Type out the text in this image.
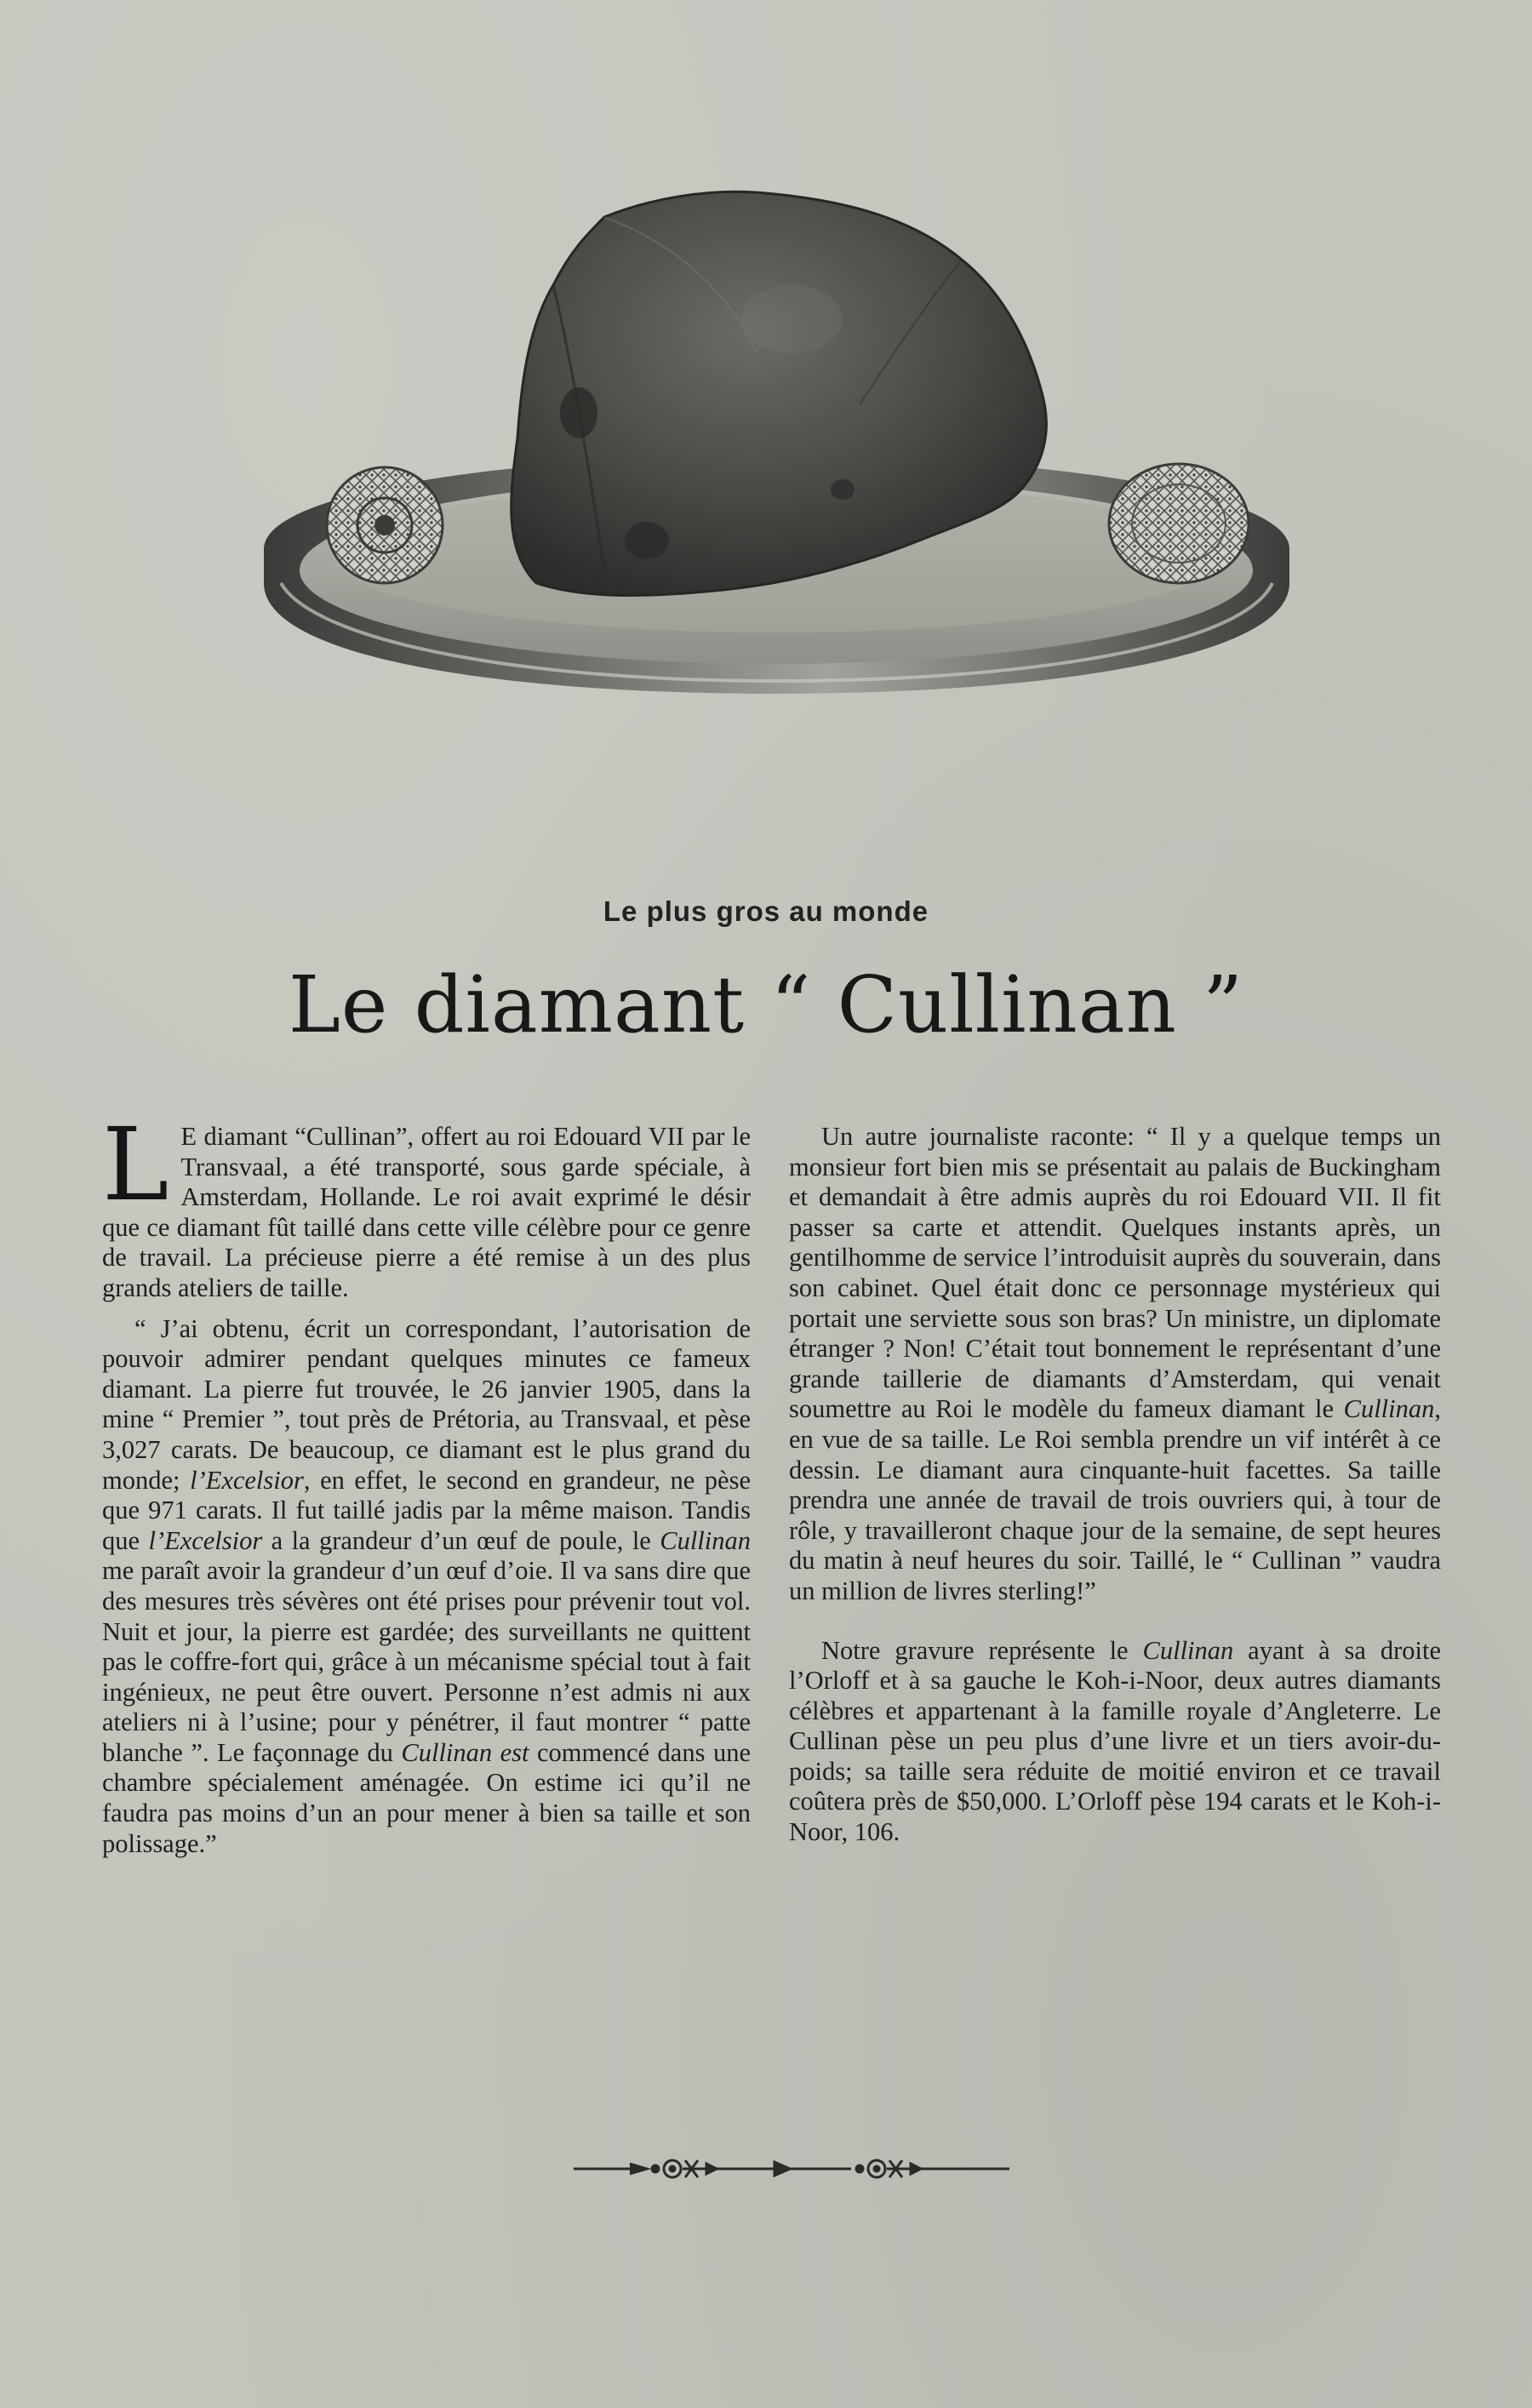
Le plus gros au monde
Le diamant “ Cullinan ”

L E diamant “Cullinan”, offert au roi Edouard VII par le Transvaal, a été transporté, sous garde spéciale, à Amsterdam, Hollande. Le roi avait exprimé le désir que ce diamant fût taillé dans cette ville célèbre pour ce genre de travail. La précieuse pierre a été remise à un des plus grands ateliers de taille.

“ J’ai obtenu, écrit un correspondant, l’autorisation de pouvoir admirer pendant quelques minutes ce fameux diamant. La pierre fut trouvée, le 26 janvier 1905, dans la mine “ Premier ”, tout près de Prétoria, au Transvaal, et pèse 3,027 carats. De beaucoup, ce diamant est le plus grand du monde; l’Excelsior, en effet, le second en grandeur, ne pèse que 971 carats. Il fut taillé jadis par la même maison. Tandis que l’Excelsior a la grandeur d’un œuf de poule, le Cullinan me paraît avoir la grandeur d’un œuf d’oie. Il va sans dire que des mesures très sévères ont été prises pour prévenir tout vol. Nuit et jour, la pierre est gardée; des surveillants ne quittent pas le coffre-fort qui, grâce à un mécanisme spécial tout à fait ingénieux, ne peut être ouvert. Personne n’est admis ni aux ateliers ni à l’usine; pour y pénétrer, il faut montrer “ patte blanche ”. Le façonnage du Cullinan est commencé dans une chambre spécialement aménagée. On estime ici qu’il ne faudra pas moins d’un an pour mener à bien sa taille et son polissage.”

Un autre journaliste raconte: “ Il y a quelque temps un monsieur fort bien mis se présentait au palais de Buckingham et demandait à être admis auprès du roi Edouard VII. Il fit passer sa carte et attendit. Quelques instants après, un gentilhomme de service l’introduisit auprès du souverain, dans son cabinet. Quel était donc ce personnage mystérieux qui portait une serviette sous son bras? Un ministre, un diplomate étranger ? Non! C’était tout bonnement le représentant d’une grande taillerie de diamants d’Amsterdam, qui venait soumettre au Roi le modèle du fameux diamant le Cullinan, en vue de sa taille. Le Roi sembla prendre un vif intérêt à ce dessin. Le diamant aura cinquante-huit facettes. Sa taille prendra une année de travail de trois ouvriers qui, à tour de rôle, y travailleront chaque jour de la semaine, de sept heures du matin à neuf heures du soir. Taillé, le “ Cullinan ” vaudra un million de livres sterling!”

Notre gravure représente le Cullinan ayant à sa droite l’Orloff et à sa gauche le Koh-i-Noor, deux autres diamants célèbres et appartenant à la famille royale d’Angleterre. Le Cullinan pèse un peu plus d’une livre et un tiers avoir-du-poids; sa taille sera réduite de moitié environ et ce travail coûtera près de $50,000. L’Orloff pèse 194 carats et le Koh-i-Noor, 106.
